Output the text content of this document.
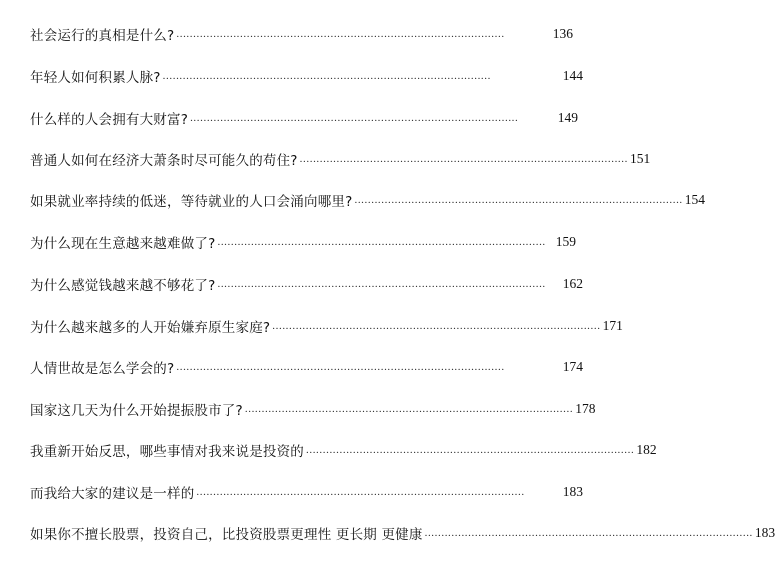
社会运行的真相是什么? ..................................................................................................	136
年轻人如何积累人脉? ..................................................................................................	144
什么样的人会拥有大财富? ..................................................................................................	149
普通人如何在经济大萧条时尽可能久的苟住? .................................................................................................. 151
如果就业率持续的低迷，等待就业的人口会涌向哪里? .................................................................................................. 154
为什么现在生意越来越难做了? .................................................................................................. 159
为什么感觉钱越来越不够花了? ..................................................................................................	162
为什么越来越多的人开始嫌弃原生家庭? .................................................................................................. 171
人情世故是怎么学会的? ..................................................................................................	174
国家这几天为什么开始提振股市了? .................................................................................................. 178
我重新开始反思，哪些事情对我来说是投资的 .................................................................................................. 182
而我给大家的建议是一样的 ..................................................................................................	183
如果你不擅长股票，投资自己，比投资股票更理性 更长期 更健康 .................................................................................................. 183
